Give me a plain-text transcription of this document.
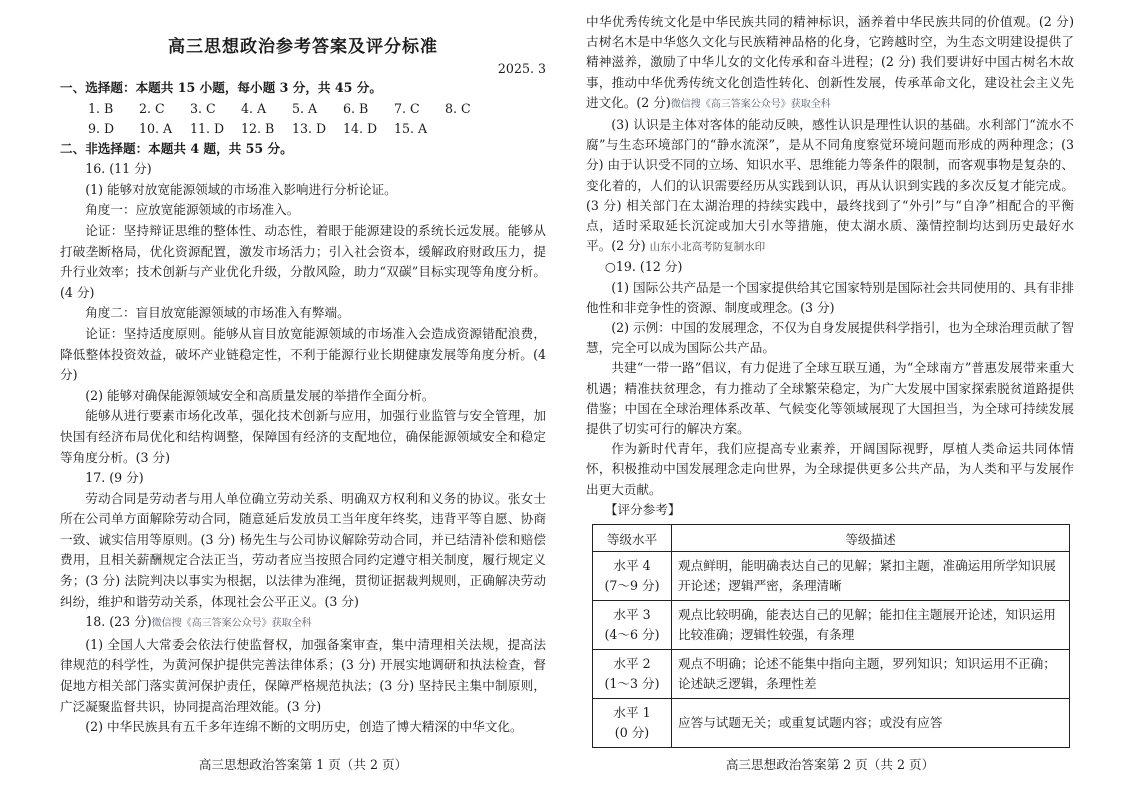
高三思想政治参考答案及评分标准
2025. 3

一、选择题：本题共 15 小题，每小题 3 分，共 45 分。

1. B	2. C	3. C	4. A	5. A	6. B	7. C	8. C
9. D	10. A	11. D	12. B	13. D	14. D	15. A

二、非选择题：本题共 4 题，共 55 分。

16. (11 分)

(1) 能够对放宽能源领域的市场准入影响进行分析论证。

角度一：应放宽能源领域的市场准入。

论证：坚持辩证思维的整体性、动态性，着眼于能源建设的系统长远发展。能够从打破垄断格局，优化资源配置，激发市场活力；引入社会资本，缓解政府财政压力，提升行业效率；技术创新与产业优化升级，分散风险，助力“双碳”目标实现等角度分析。(4 分)

角度二：盲目放宽能源领域的市场准入有弊端。

论证：坚持适度原则。能够从盲目放宽能源领域的市场准入会造成资源错配浪费，降低整体投资效益，破坏产业链稳定性，不利于能源行业长期健康发展等角度分析。(4 分)

(2) 能够对确保能源领域安全和高质量发展的举措作全面分析。

能够从进行要素市场化改革，强化技术创新与应用，加强行业监管与安全管理，加快国有经济布局优化和结构调整，保障国有经济的支配地位，确保能源领域安全和稳定等角度分析。(3 分)

17. (9 分)

劳动合同是劳动者与用人单位确立劳动关系、明确双方权利和义务的协议。张女士所在公司单方面解除劳动合同，随意延后发放员工当年度年终奖，违背平等自愿、协商一致、诚实信用等原则。(3 分) 杨先生与公司协议解除劳动合同，并已结清补偿和赔偿费用，且相关薪酬规定合法正当，劳动者应当按照合同约定遵守相关制度，履行规定义务；(3 分) 法院判决以事实为根据，以法律为准绳，贯彻证据裁判规则，正确解决劳动纠纷，维护和谐劳动关系，体现社会公平正义。(3 分)

18. (23 分)微信搜《高三答案公众号》获取全科

(1) 全国人大常委会依法行使监督权，加强备案审查，集中清理相关法规，提高法律规范的科学性，为黄河保护提供完善法律体系；(3 分) 开展实地调研和执法检查，督促地方相关部门落实黄河保护责任，保障严格规范执法；(3 分) 坚持民主集中制原则，广泛凝聚监督共识，协同提高治理效能。(3 分)

(2) 中华民族具有五千多年连绵不断的文明历史，创造了博大精深的中华文化。

高三思想政治答案第 1 页（共 2 页）

中华优秀传统文化是中华民族共同的精神标识，涵养着中华民族共同的价值观。(2 分) 古树名木是中华悠久文化与民族精神品格的化身，它跨越时空，为生态文明建设提供了精神滋养，激励了中华儿女的文化传承和奋斗进程；(2 分) 我们要讲好中国古树名木故事，推动中华优秀传统文化创造性转化、创新性发展，传承革命文化，建设社会主义先进文化。(2 分)微信搜《高三答案公众号》获取全科

(3) 认识是主体对客体的能动反映，感性认识是理性认识的基础。水利部门“流水不腐”与生态环境部门的“静水流深”，是从不同角度察觉环境问题而形成的两种理念；(3 分) 由于认识受不同的立场、知识水平、思维能力等条件的限制，而客观事物是复杂的、变化着的，人们的认识需要经历从实践到认识，再从认识到实践的多次反复才能完成。(3 分) 相关部门在太湖治理的持续实践中，最终找到了“外引”与“自净”相配合的平衡点，适时采取延长沉淀或加大引水等措施，使太湖水质、藻情控制均达到历史最好水平。(2 分) 山东小北高考防复制水印

○19. (12 分)

(1) 国际公共产品是一个国家提供给其它国家特别是国际社会共同使用的、具有非排他性和非竞争性的资源、制度或理念。(3 分)

(2) 示例：中国的发展理念，不仅为自身发展提供科学指引，也为全球治理贡献了智慧，完全可以成为国际公共产品。

共建“一带一路”倡议，有力促进了全球互联互通，为“全球南方”普惠发展带来重大机遇；精准扶贫理念，有力推动了全球繁荣稳定，为广大发展中国家探索脱贫道路提供借鉴；中国在全球治理体系改革、气候变化等领域展现了大国担当，为全球可持续发展提供了切实可行的解决方案。

作为新时代青年，我们应提高专业素养，开阔国际视野，厚植人类命运共同体情怀，积极推动中国发展理念走向世界，为全球提供更多公共产品，为人类和平与发展作出更大贡献。

【评分参考】

等级水平	等级描述

水平 4
(7～9 分)	观点鲜明，能明确表达自己的见解；紧扣主题，准确运用所学知识展开论述；逻辑严密，条理清晰

水平 3
(4～6 分)	观点比较明确，能表达自己的见解；能扣住主题展开论述，知识运用比较准确；逻辑性较强，有条理

水平 2
(1～3 分)	观点不明确；论述不能集中指向主题，罗列知识；知识运用不正确；论述缺乏逻辑，条理性差

水平 1
(0 分)	应答与试题无关；或重复试题内容；或没有应答
高三思想政治答案第 2 页（共 2 页）
